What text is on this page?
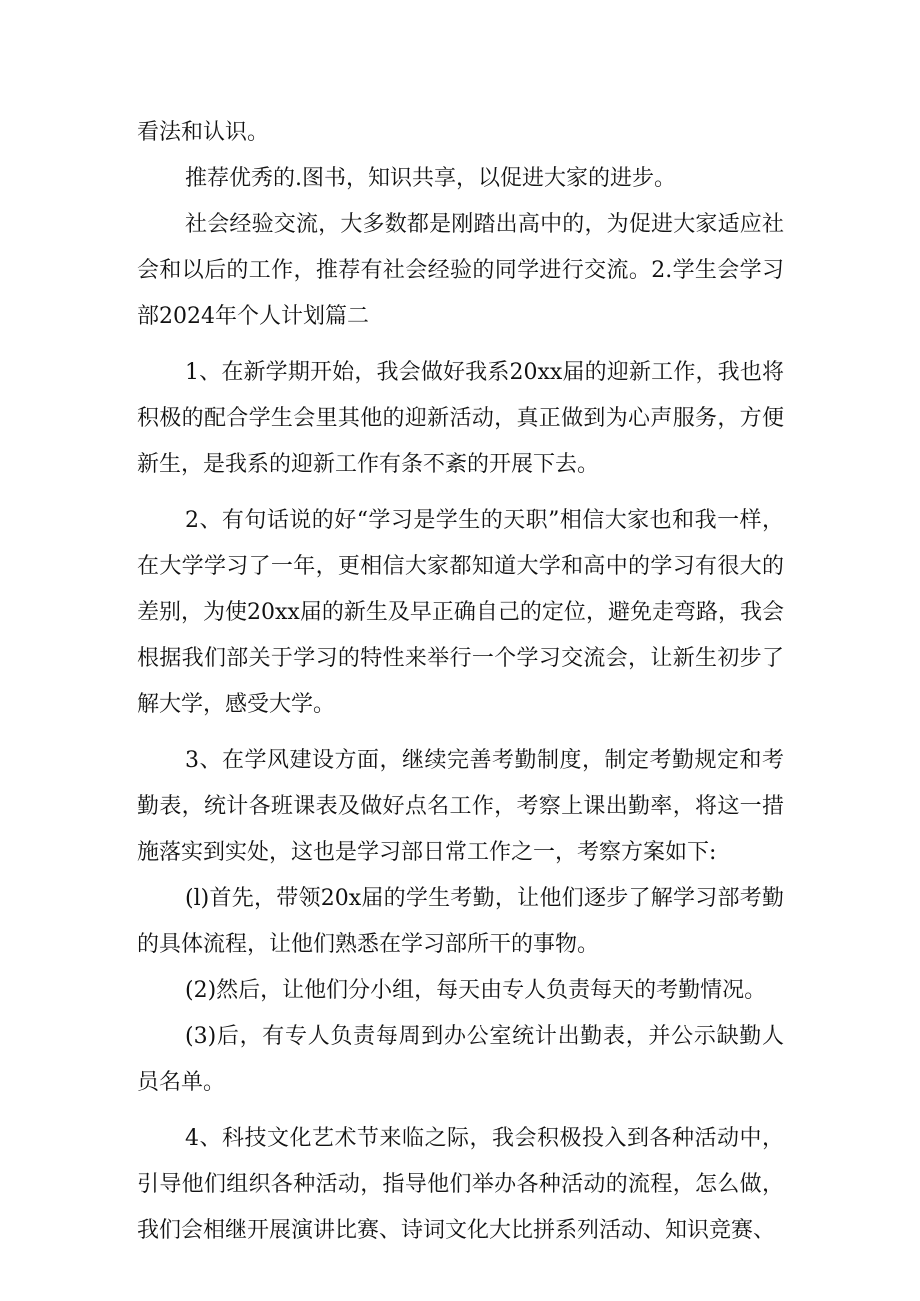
看法和认识。

推荐优秀的.图书，知识共享，以促进大家的进步。

社会经验交流，大多数都是刚踏出高中的，为促进大家适应社会和以后的工作，推荐有社会经验的同学进行交流。2.学生会学习部2024年个人计划篇二

1、在新学期开始，我会做好我系20xx届的迎新工作，我也将积极的配合学生会里其他的迎新活动，真正做到为心声服务，方便新生，是我系的迎新工作有条不紊的开展下去。

2、有句话说的好“学习是学生的天职”相信大家也和我一样，在大学学习了一年，更相信大家都知道大学和高中的学习有很大的差别，为使20xx届的新生及早正确自己的定位，避免走弯路，我会根据我们部关于学习的特性来举行一个学习交流会，让新生初步了解大学，感受大学。

3、在学风建设方面，继续完善考勤制度，制定考勤规定和考勤表，统计各班课表及做好点名工作，考察上课出勤率，将这一措施落实到实处，这也是学习部日常工作之一，考察方案如下:

(l)首先，带领20x届的学生考勤，让他们逐步了解学习部考勤的具体流程，让他们熟悉在学习部所干的事物。

(2)然后，让他们分小组，每天由专人负责每天的考勤情况。

(3)后，有专人负责每周到办公室统计出勤表，并公示缺勤人员名单。

4、科技文化艺术节来临之际，我会积极投入到各种活动中，引导他们组织各种活动，指导他们举办各种活动的流程，怎么做，我们会相继开展演讲比赛、诗词文化大比拼系列活动、知识竞赛、
